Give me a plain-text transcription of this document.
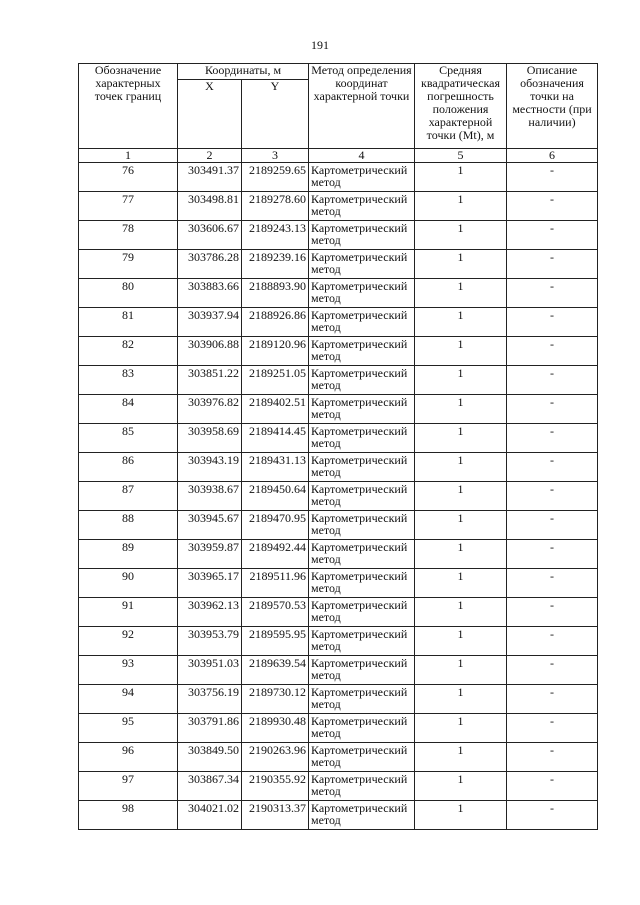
191
Обозначение характерных точек границ	Координаты, м		Метод определения координат характерной точки	Средняя квадратическая погрешность положения характерной точки (Mt), м	Описание обозначения точки на местности (при наличии)
	X	Y			
1	2	3	4	5	6
76	303491.37	2189259.65	Картометрический метод	1	-
77	303498.81	2189278.60	Картометрический метод	1	-
78	303606.67	2189243.13	Картометрический метод	1	-
79	303786.28	2189239.16	Картометрический метод	1	-
80	303883.66	2188893.90	Картометрический метод	1	-
81	303937.94	2188926.86	Картометрический метод	1	-
82	303906.88	2189120.96	Картометрический метод	1	-
83	303851.22	2189251.05	Картометрический метод	1	-
84	303976.82	2189402.51	Картометрический метод	1	-
85	303958.69	2189414.45	Картометрический метод	1	-
86	303943.19	2189431.13	Картометрический метод	1	-
87	303938.67	2189450.64	Картометрический метод	1	-
88	303945.67	2189470.95	Картометрический метод	1	-
89	303959.87	2189492.44	Картометрический метод	1	-
90	303965.17	2189511.96	Картометрический метод	1	-
91	303962.13	2189570.53	Картометрический метод	1	-
92	303953.79	2189595.95	Картометрический метод	1	-
93	303951.03	2189639.54	Картометрический метод	1	-
94	303756.19	2189730.12	Картометрический метод	1	-
95	303791.86	2189930.48	Картометрический метод	1	-
96	303849.50	2190263.96	Картометрический метод	1	-
97	303867.34	2190355.92	Картометрический метод	1	-
98	304021.02	2190313.37	Картометрический метод	1	-
